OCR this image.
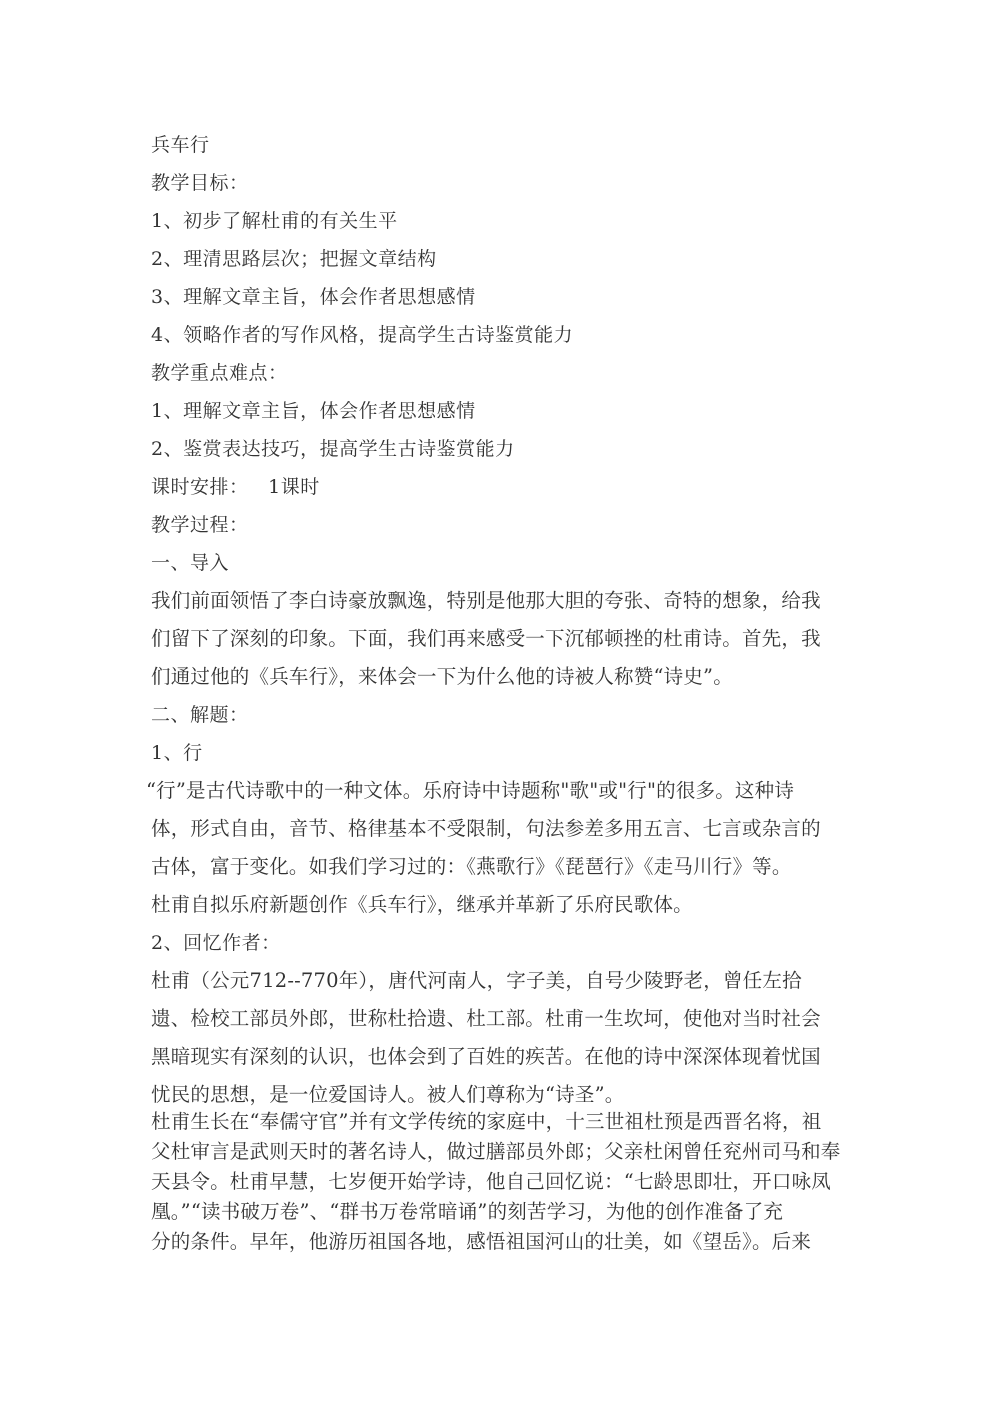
兵车行
教学目标：
1、初步了解杜甫的有关生平
2、理清思路层次；把握文章结构
3、理解文章主旨，体会作者思想感情
4、领略作者的写作风格，提高学生古诗鉴赏能力
教学重点难点：
1、理解文章主旨，体会作者思想感情
2、鉴赏表达技巧，提高学生古诗鉴赏能力
课时安排：   1课时
教学过程：
一、导入
我们前面领悟了李白诗豪放飘逸，特别是他那大胆的夸张、奇特的想象，给我
们留下了深刻的印象。下面，我们再来感受一下沉郁顿挫的杜甫诗。首先，我
们通过他的《兵车行》，来体会一下为什么他的诗被人称赞“诗史”。
二、解题：
1、行
“行”是古代诗歌中的一种文体。乐府诗中诗题称"歌"或"行"的很多。这种诗
体，形式自由，音节、格律基本不受限制，句法参差多用五言、七言或杂言的
古体，富于变化。如我们学习过的：《燕歌行》《琵琶行》《走马川行》等。
杜甫自拟乐府新题创作《兵车行》，继承并革新了乐府民歌体。
2、回忆作者：
杜甫（公元712--770年），唐代河南人，字子美，自号少陵野老，曾任左拾
遗、检校工部员外郎，世称杜拾遗、杜工部。杜甫一生坎坷，使他对当时社会
黑暗现实有深刻的认识，也体会到了百姓的疾苦。在他的诗中深深体现着忧国
忧民的思想，是一位爱国诗人。被人们尊称为“诗圣”。
杜甫生长在“奉儒守官”并有文学传统的家庭中，十三世祖杜预是西晋名将，祖
父杜审言是武则天时的著名诗人，做过膳部员外郎；父亲杜闲曾任兖州司马和奉
天县令。杜甫早慧，七岁便开始学诗，他自己回忆说：“七龄思即壮，开口咏凤
凰。”“读书破万卷”、“群书万卷常暗诵”的刻苦学习，为他的创作准备了充
分的条件。早年，他游历祖国各地，感悟祖国河山的壮美，如《望岳》。后来
